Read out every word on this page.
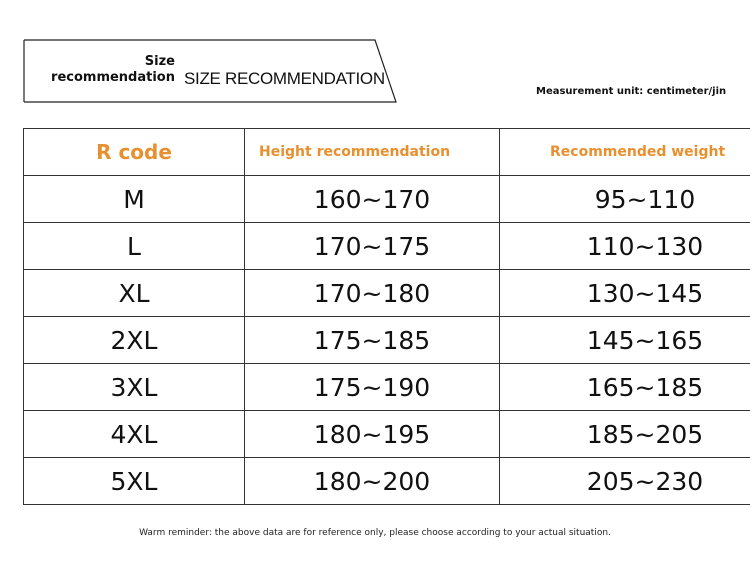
Size recommendation SIZE RECOMMENDATION
Measurement unit: centimeter/jin
R code	Height recommendation	Recommended weight
M	160~170	95~110
L	170~175	110~130
XL	170~180	130~145
2XL	175~185	145~165
3XL	175~190	165~185
4XL	180~195	185~205
5XL	180~200	205~230
Warm reminder: the above data are for reference only, please choose according to your actual situation.
